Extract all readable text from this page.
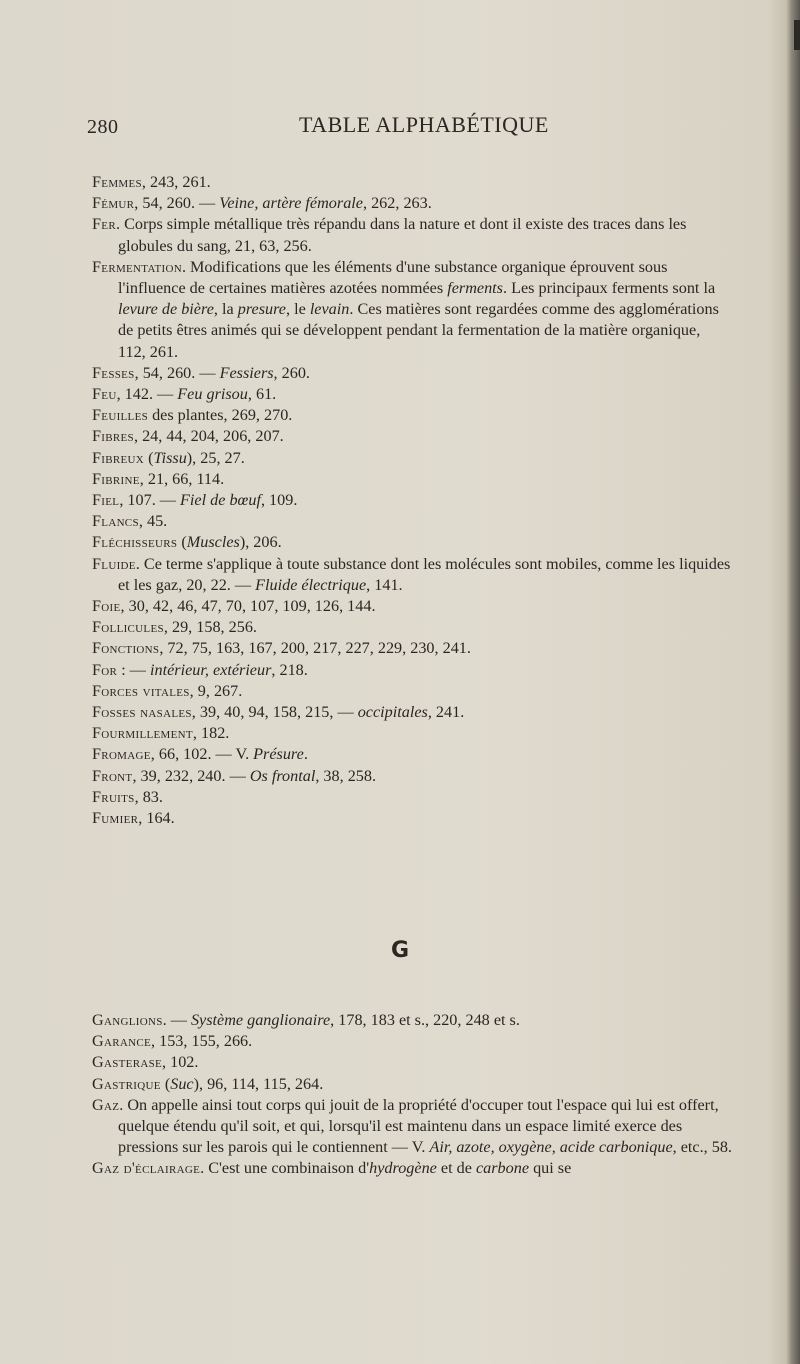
280	TABLE ALPHABÉTIQUE

Femmes, 243, 261.

Fémur, 54, 260. — Veine, artère fémorale, 262, 263.

Fer. Corps simple métallique très répandu dans la nature et dont il existe des traces dans les globules du sang, 21, 63, 256.

Fermentation. Modifications que les éléments d'une substance organique éprouvent sous l'influence de certaines matières azotées nommées ferments. Les principaux ferments sont la levure de bière, la presure, le levain. Ces matières sont regardées comme des agglomérations de petits êtres animés qui se développent pendant la fermentation de la matière organique, 112, 261.

Fesses, 54, 260. — Fessiers, 260.

Feu, 142. — Feu grisou, 61.

Feuilles des plantes, 269, 270.

Fibres, 24, 44, 204, 206, 207.

Fibreux (Tissu), 25, 27.

Fibrine, 21, 66, 114.

Fiel, 107. — Fiel de bœuf, 109.

Flancs, 45.

Fléchisseurs (Muscles), 206.

Fluide. Ce terme s'applique à toute substance dont les molécules sont mobiles, comme les liquides et les gaz, 20, 22. — Fluide électrique, 141.

Foie, 30, 42, 46, 47, 70, 107, 109, 126, 144.

Follicules, 29, 158, 256.

Fonctions, 72, 75, 163, 167, 200, 217, 227, 229, 230, 241.

For : — intérieur, extérieur, 218.

Forces vitales, 9, 267.

Fosses nasales, 39, 40, 94, 158, 215, — occipitales, 241.

Fourmillement, 182.

Fromage, 66, 102. — V. Présure.

Front, 39, 232, 240. — Os frontal, 38, 258.

Fruits, 83.

Fumier, 164.

G

Ganglions. — Système ganglionaire, 178, 183 et s., 220, 248 et s.

Garance, 153, 155, 266.

Gasterase, 102.

Gastrique (Suc), 96, 114, 115, 264.

Gaz. On appelle ainsi tout corps qui jouit de la propriété d'occuper tout l'espace qui lui est offert, quelque étendu qu'il soit, et qui, lorsqu'il est maintenu dans un espace limité exerce des pressions sur les parois qui le contiennent — V. Air, azote, oxygène, acide carbonique, etc., 58.

Gaz d'éclairage. C'est une combinaison d'hydrogène et de carbone qui se
